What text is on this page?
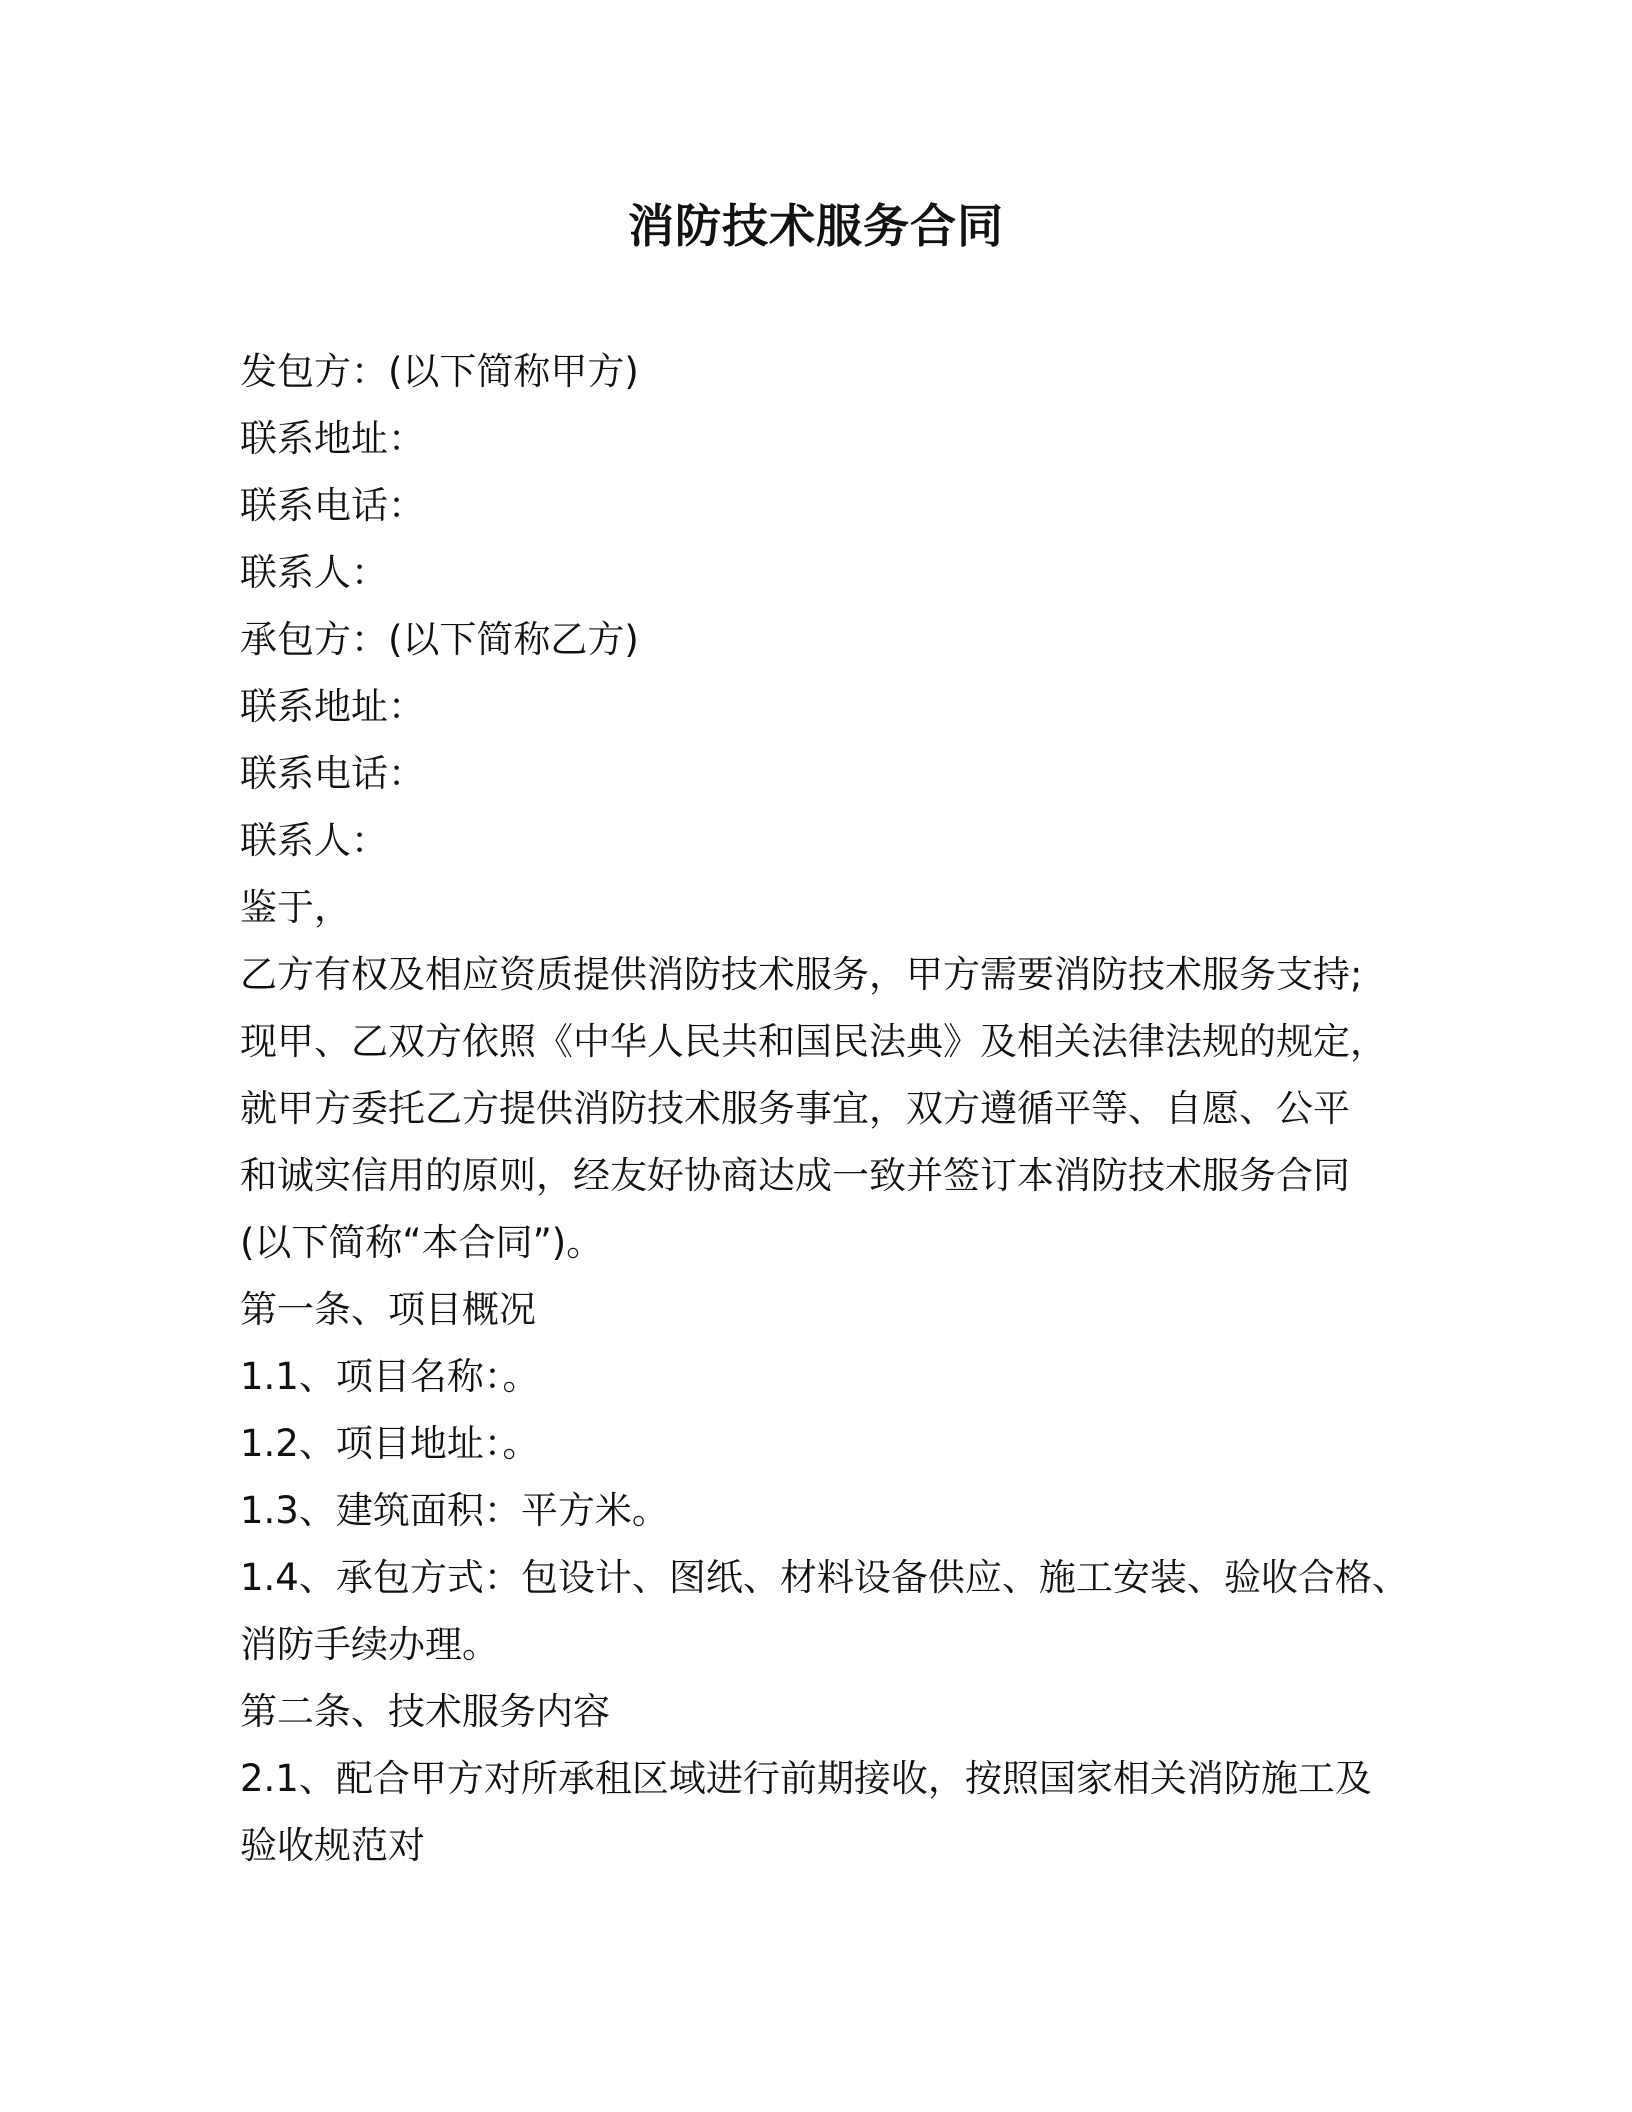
消防技术服务合同
发包方：(以下简称甲方)
联系地址：
联系电话：
联系人：
承包方：(以下简称乙方)
联系地址：
联系电话：
联系人：
鉴于，
乙方有权及相应资质提供消防技术服务，甲方需要消防技术服务支持;
现甲、乙双方依照《中华人民共和国民法典》及相关法律法规的规定，
就甲方委托乙方提供消防技术服务事宜，双方遵循平等、自愿、公平
和诚实信用的原则，经友好协商达成一致并签订本消防技术服务合同
(以下简称“本合同”)。
第一条、项目概况
1.1、项目名称：。
1.2、项目地址：。
1.3、建筑面积：平方米。
1.4、承包方式：包设计、图纸、材料设备供应、施工安装、验收合格、
消防手续办理。
第二条、技术服务内容
2.1、配合甲方对所承租区域进行前期接收，按照国家相关消防施工及
验收规范对
